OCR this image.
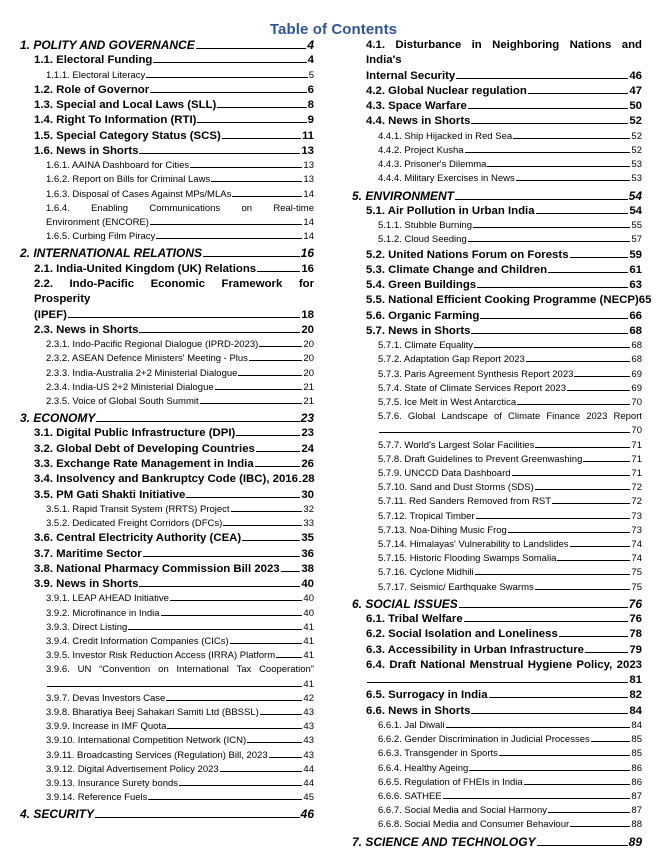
Table of Contents
1. POLITY AND GOVERNANCE	4
1.1. Electoral Funding	4
1.1.1. Electoral Literacy	5
1.2. Role of Governor	6
1.3. Special and Local Laws (SLL)	8
1.4. Right To Information (RTI)	9
1.5. Special Category Status (SCS)	11
1.6. News in Shorts	13
1.6.1. AAINA Dashboard for Cities	13
1.6.2. Report on Bills for Criminal Laws	13
1.6.3. Disposal of Cases Against MPs/MLAs	14
1.6.4. Enabling Communications on Real-time
Environment (ENCORE)	14
1.6.5. Curbing Film Piracy	14
2. INTERNATIONAL RELATIONS	16
2.1. India-United Kingdom (UK) Relations	16
2.2. Indo-Pacific Economic Framework for Prosperity
(IPEF)	18
2.3. News in Shorts	20
2.3.1. Indo-Pacific Regional Dialogue (IPRD-2023)	20
2.3.2. ASEAN Defence Ministers' Meeting - Plus	20
2.3.3. India-Australia 2+2 Ministerial Dialogue	20
2.3.4. India-US 2+2 Ministerial Dialogue	21
2.3.5. Voice of Global South Summit	21
3. ECONOMY	23
3.1. Digital Public Infrastructure (DPI)	23
3.2. Global Debt of Developing Countries	24
3.3. Exchange Rate Management in India	26
3.4. Insolvency and Bankruptcy Code (IBC), 2016 28
3.5. PM Gati Shakti Initiative	30
3.5.1. Rapid Transit System (RRTS) Project	32
3.5.2. Dedicated Freight Corridors (DFCs)	33
3.6. Central Electricity Authority (CEA)	35
3.7. Maritime Sector	36
3.8. National Pharmacy Commission Bill 2023 38
3.9. News in Shorts	40
3.9.1. LEAP AHEAD Initiative	40
3.9.2. Microfinance in India	40
3.9.3. Direct Listing	41
3.9.4. Credit Information Companies (CICs)	41
3.9.5. Investor Risk Reduction Access (IRRA) Platform	41
3.9.6. UN “Convention on International Tax Cooperation”
41
3.9.7. Devas Investors Case	42
3.9.8. Bharatiya Beej Sahakari Samiti Ltd (BBSSL)	43
3.9.9. Increase in IMF Quota	43
3.9.10. International Competition Network (ICN)	43
3.9.11. Broadcasting Services (Regulation) Bill, 2023	43
3.9.12. Digital Advertisement Policy 2023	44
3.9.13. Insurance Surety bonds	44
3.9.14. Reference Fuels	45
4. SECURITY	46
4.1. Disturbance in Neighboring Nations and India's
Internal Security	46
4.2. Global Nuclear regulation	47
4.3. Space Warfare	50
4.4. News in Shorts	52
4.4.1. Ship Hijacked in Red Sea	52
4.4.2. Project Kusha	52
4.4.3. Prisoner's Dilemma	53
4.4.4. Military Exercises in News	53
5. ENVIRONMENT	54
5.1. Air Pollution in Urban India	54
5.1.1. Stubble Burning	55
5.1.2. Cloud Seeding	57
5.2. United Nations Forum on Forests	59
5.3. Climate Change and Children	61
5.4. Green Buildings	63
5.5. National Efficient Cooking Programme (NECP) 65
5.6. Organic Farming	66
5.7. News in Shorts	68
5.7.1. Climate Equality	68
5.7.2. Adaptation Gap Report 2023	68
5.7.3. Paris Agreement Synthesis Report 2023	69
5.7.4. State of Climate Services Report 2023	69
5.7.5. Ice Melt in West Antarctica	70
5.7.6. Global Landscape of Climate Finance 2023 Report
70
5.7.7. World's Largest Solar Facilities	71
5.7.8. Draft Guidelines to Prevent Greenwashing	71
5.7.9. UNCCD Data Dashboard	71
5.7.10. Sand and Dust Storms (SDS)	72
5.7.11. Red Sanders Removed from RST	72
5.7.12. Tropical Timber	73
5.7.13. Noa-Dihing Music Frog	73
5.7.14. Himalayas' Vulnerability to Landslides	74
5.7.15. Historic Flooding Swamps Somalia	74
5.7.16. Cyclone Midhili	75
5.7.17. Seismic/ Earthquake Swarms	75
6. SOCIAL ISSUES	76
6.1. Tribal Welfare	76
6.2. Social Isolation and Loneliness	78
6.3. Accessibility in Urban Infrastructure	79
6.4. Draft National Menstrual Hygiene Policy, 2023
81
6.5. Surrogacy in India	82
6.6. News in Shorts	84
6.6.1. Jal Diwali	84
6.6.2. Gender Discrimination in Judicial Processes	85
6.6.3. Transgender in Sports	85
6.6.4. Healthy Ageing	86
6.6.5. Regulation of FHEIs in India	86
6.6.6. SATHEE	87
6.6.7. Social Media and Social Harmony	87
6.6.8. Social Media and Consumer Behaviour	88
7. SCIENCE AND TECHNOLOGY	89
